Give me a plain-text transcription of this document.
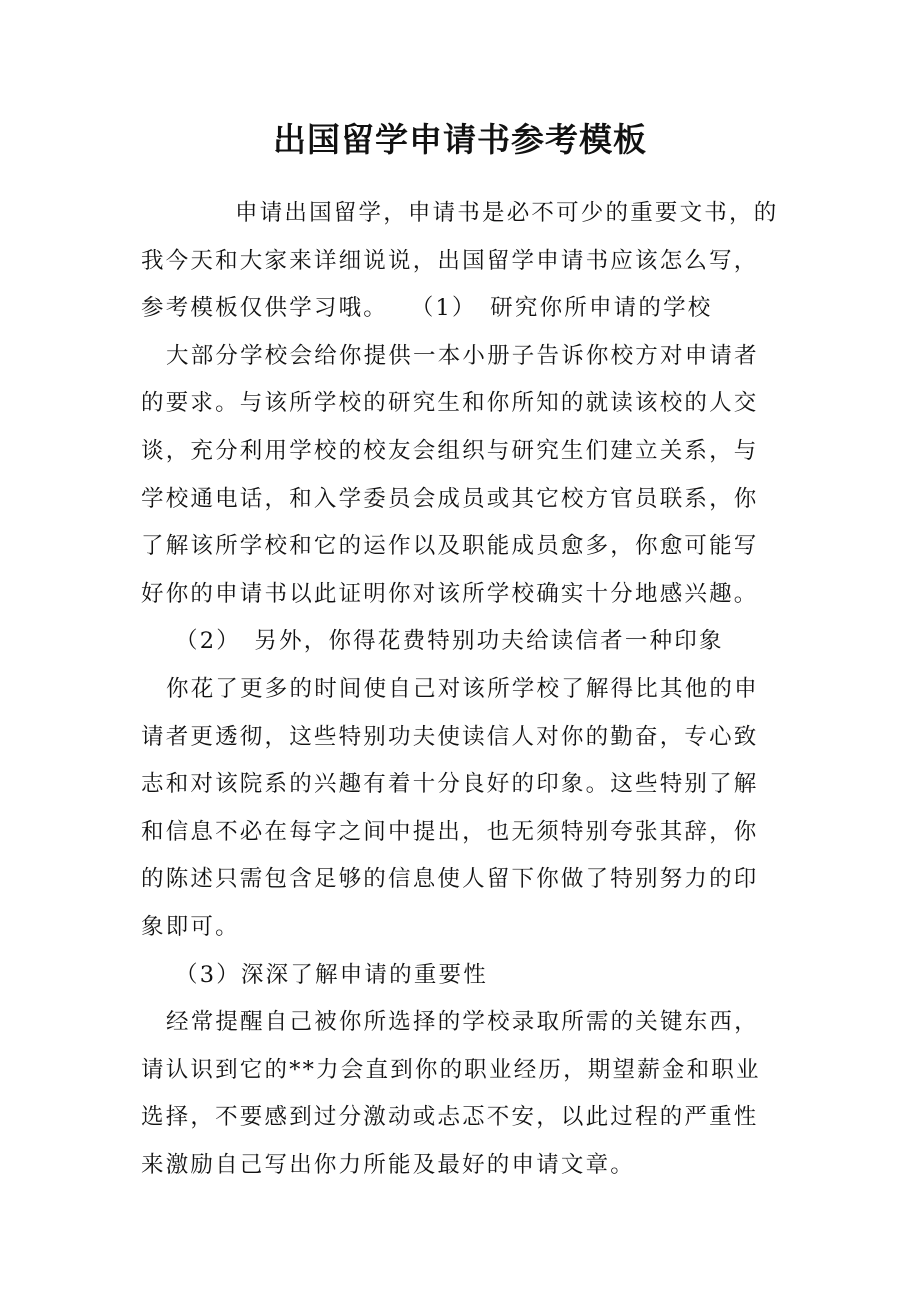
出国留学申请书参考模板
申请出国留学，申请书是必不可少的重要文书，的
我今天和大家来详细说说，出国留学申请书应该怎么写，
参考模板仅供学习哦。　 （1）　研究你所申请的学校
大部分学校会给你提供一本小册子告诉你校方对申请者
的要求。与该所学校的研究生和你所知的就读该校的人交
谈，充分利用学校的校友会组织与研究生们建立关系，与
学校通电话，和入学委员会成员或其它校方官员联系，你
了解该所学校和它的运作以及职能成员愈多，你愈可能写
好你的申请书以此证明你对该所学校确实十分地感兴趣。
（2）　另外，你得花费特别功夫给读信者一种印象
你花了更多的时间使自己对该所学校了解得比其他的申
请者更透彻，这些特别功夫使读信人对你的勤奋，专心致
志和对该院系的兴趣有着十分良好的印象。这些特别了解
和信息不必在每字之间中提出，也无须特别夸张其辞，你
的陈述只需包含足够的信息使人留下你做了特别努力的印
象即可。
（3）深深了解申请的重要性
经常提醒自己被你所选择的学校录取所需的关键东西，
请认识到它的**力会直到你的职业经历，期望薪金和职业
选择，不要感到过分激动或忐忑不安，以此过程的严重性
来激励自己写出你力所能及最好的申请文章。
